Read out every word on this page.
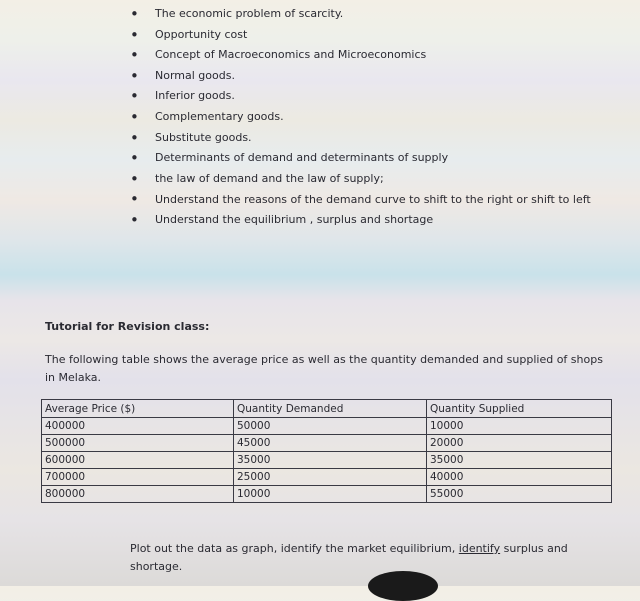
• The economic problem of scarcity.
• Opportunity cost
• Concept of Macroeconomics and Microeconomics
• Normal goods.
• Inferior goods.
• Complementary goods.
• Substitute goods.
• Determinants of demand and determinants of supply
• the law of demand and the law of supply;
• Understand the reasons of the demand curve to shift to the right or shift to left
• Understand the equilibrium , surplus and shortage
Tutorial for Revision class:
The following table shows the average price as well as the quantity demanded and supplied of shops in Melaka.
Average Price ($)	Quantity Demanded	Quantity Supplied
400000	50000	10000
500000	45000	20000
600000	35000	35000
700000	25000	40000
800000	10000	55000
Plot out the data as graph, identify the market equilibrium, identify surplus and shortage.
